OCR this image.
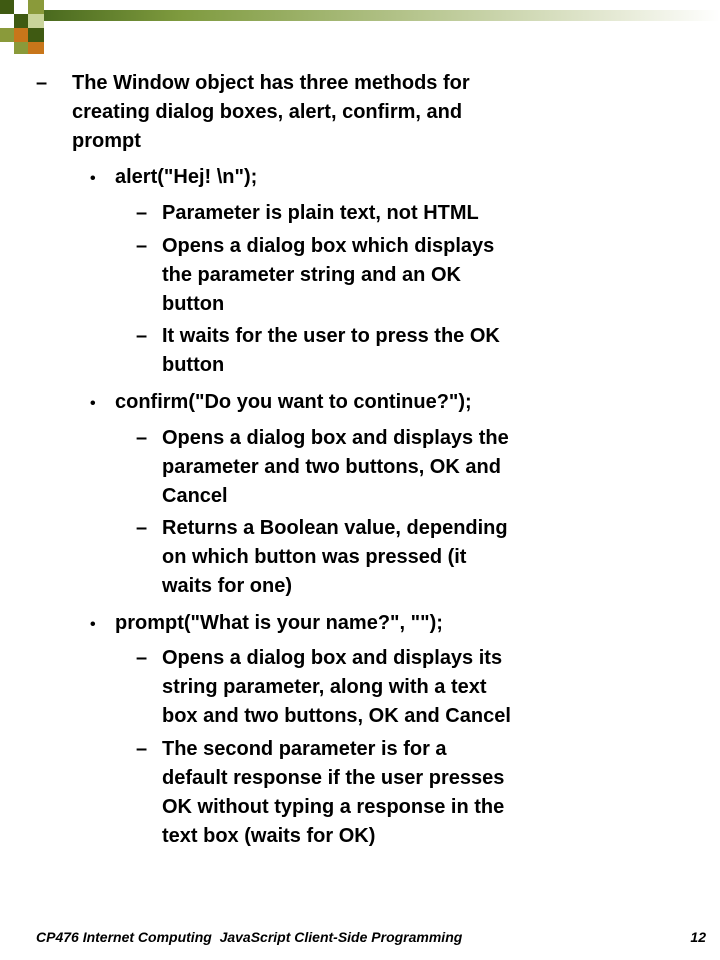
– The Window object has three methods for
creating dialog boxes, alert, confirm, and
prompt
• alert("Hej! \n");
– Parameter is plain text, not HTML
– Opens a dialog box which displays
the parameter string and an OK
button
– It waits for the user to press the OK
button
• confirm("Do you want to continue?");
– Opens a dialog box and displays the
parameter and two buttons, OK and
Cancel
– Returns a Boolean value, depending
on which button was pressed (it
waits for one)
• prompt("What is your name?", "");
– Opens a dialog box and displays its
string parameter, along with a text
box and two buttons, OK and Cancel
– The second parameter is for a
default response if the user presses
OK without typing a response in the
text box (waits for OK)
CP476 Internet Computing  JavaScript Client-Side Programming	12
